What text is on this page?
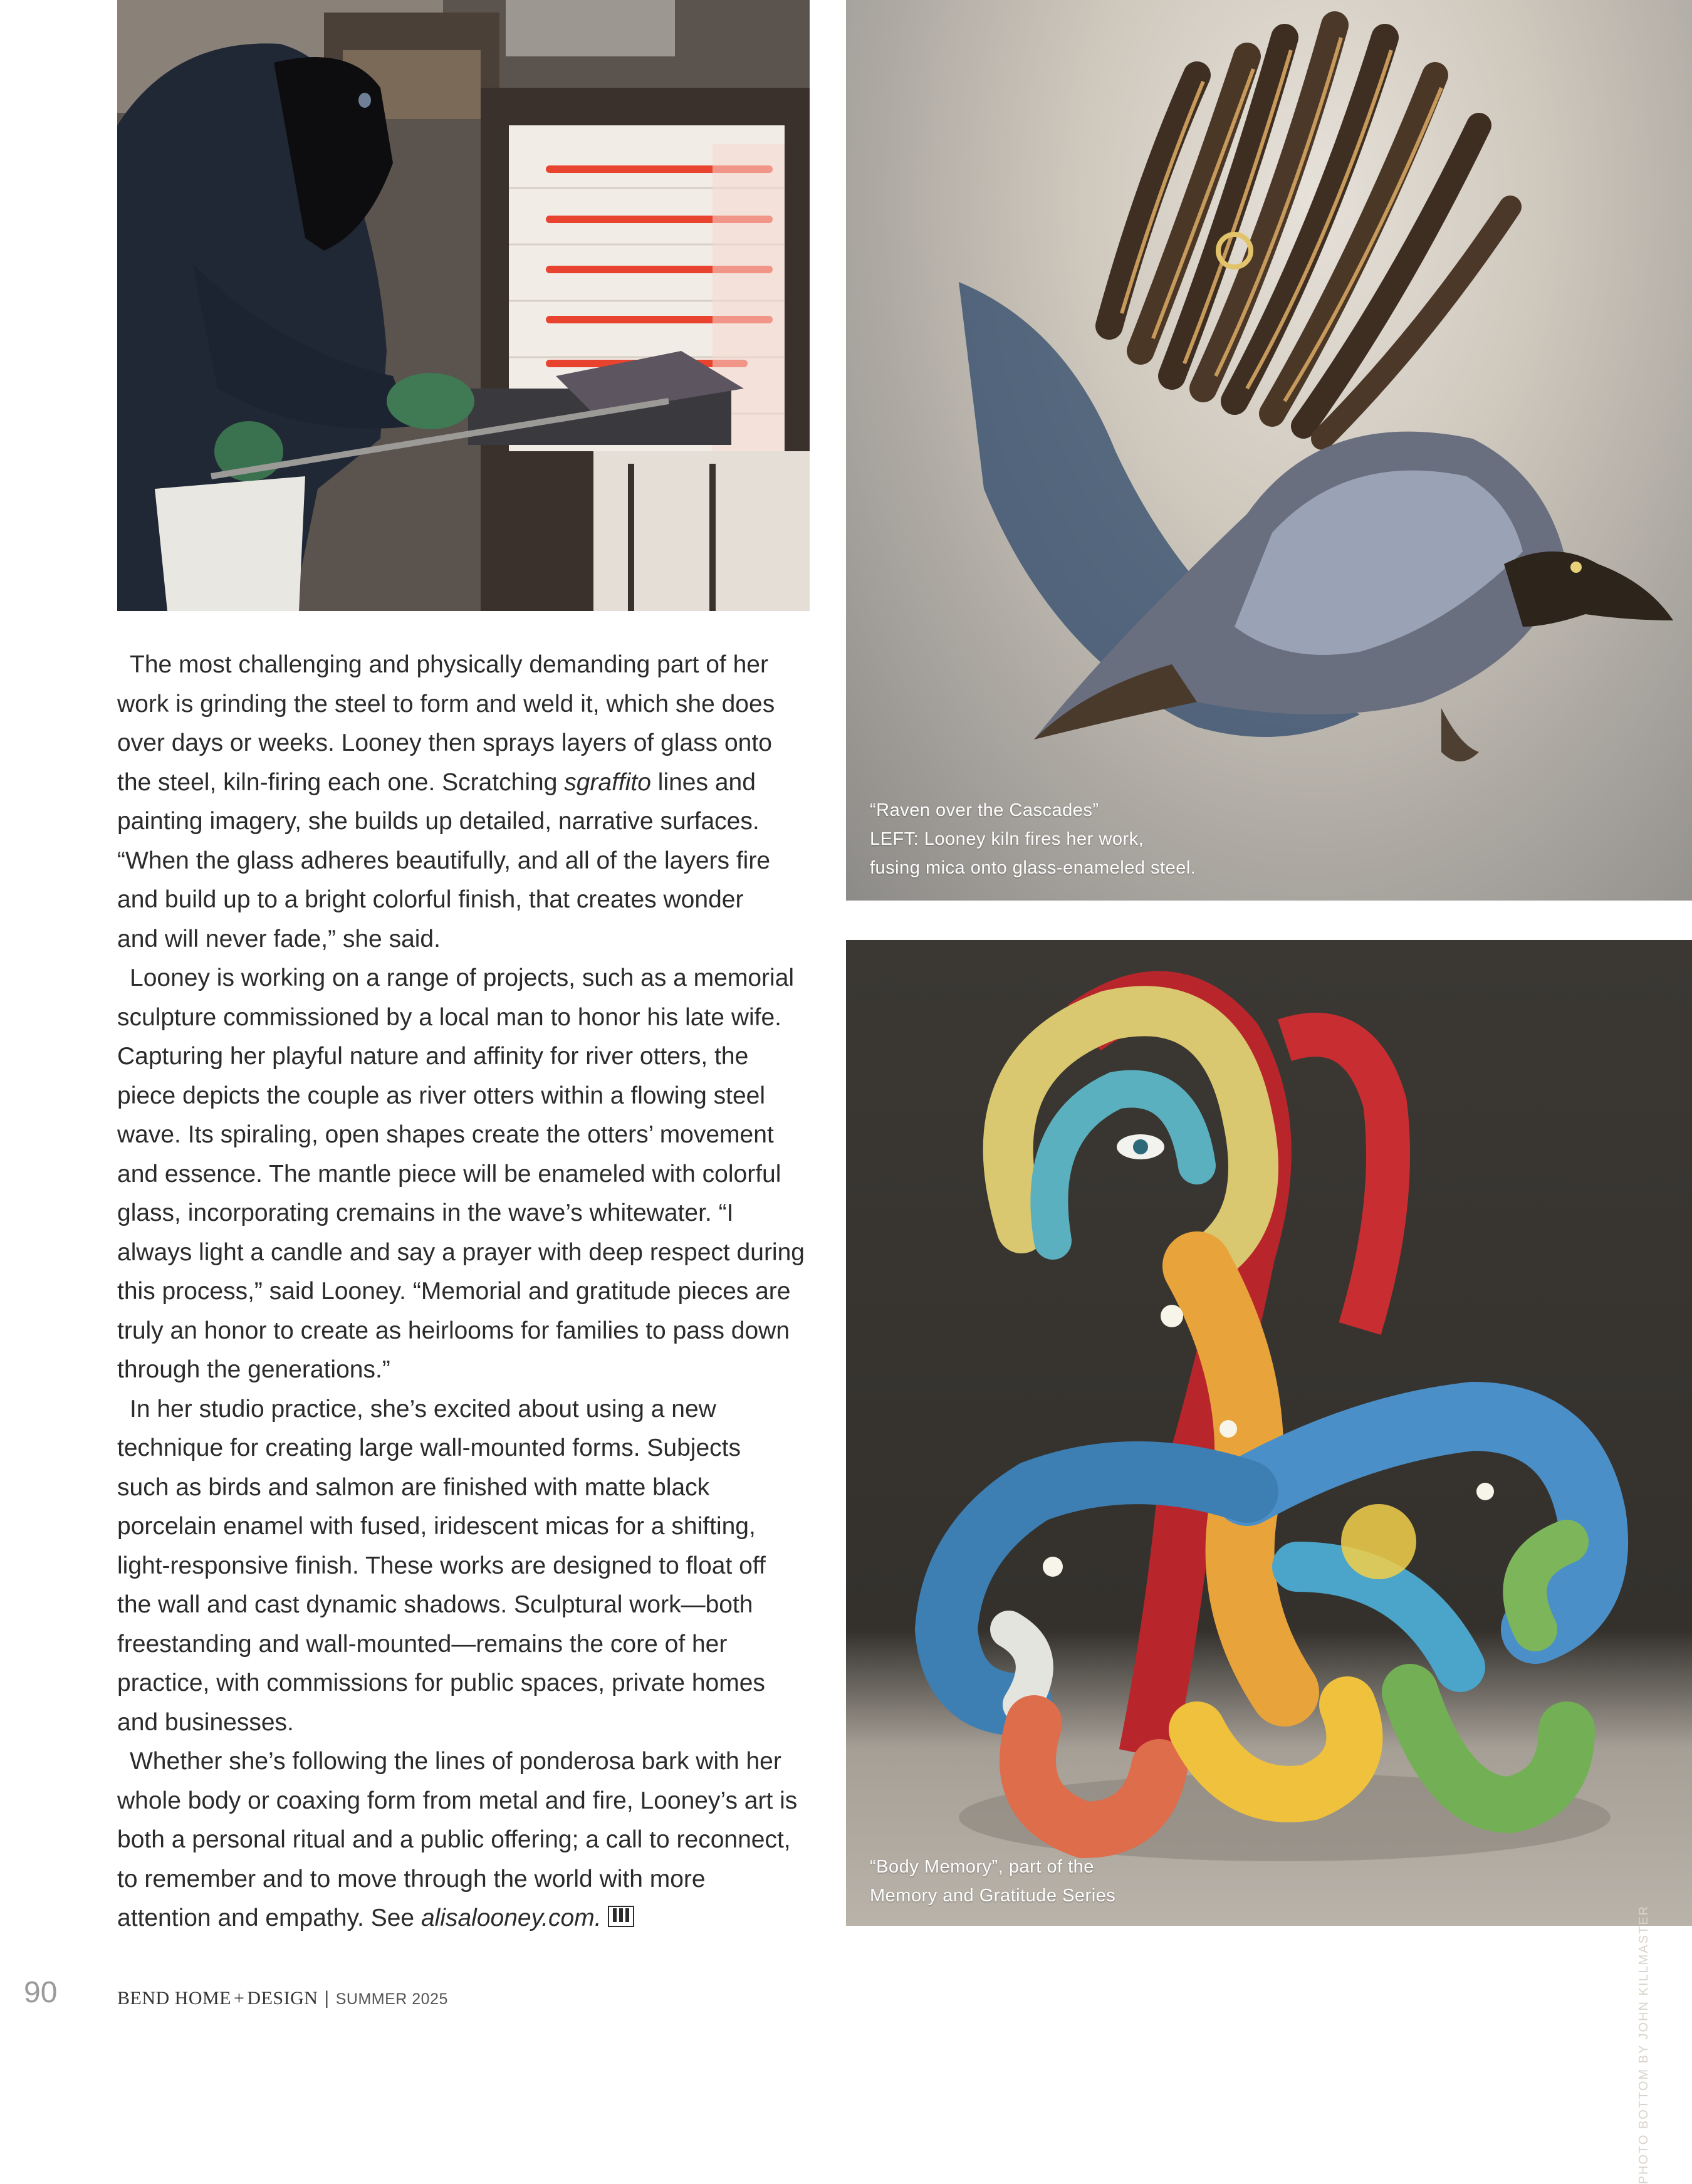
“Raven over the Cascades”
LEFT: Looney kiln fires her work,
fusing mica onto glass-enameled steel.
PHOTO BOTTOM BY JOHN KILLMASTER
“Body Memory”, part of the
Memory and Gratitude Series
The most challenging and physically demanding part of her
work is grinding the steel to form and weld it, which she does
over days or weeks. Looney then sprays layers of glass onto
the steel, kiln-firing each one. Scratching sgraffito lines and
painting imagery, she builds up detailed, narrative surfaces.
“When the glass adheres beautifully, and all of the layers fire
and build up to a bright colorful finish, that creates wonder
and will never fade,” she said.
Looney is working on a range of projects, such as a memorial
sculpture commissioned by a local man to honor his late wife.
Capturing her playful nature and affinity for river otters, the
piece depicts the couple as river otters within a flowing steel
wave. Its spiraling, open shapes create the otters’ movement
and essence. The mantle piece will be enameled with colorful
glass, incorporating cremains in the wave’s whitewater. “I
always light a candle and say a prayer with deep respect during
this process,” said Looney. “Memorial and gratitude pieces are
truly an honor to create as heirlooms for families to pass down
through the generations.”
In her studio practice, she’s excited about using a new
technique for creating large wall-mounted forms. Subjects
such as birds and salmon are finished with matte black
porcelain enamel with fused, iridescent micas for a shifting,
light-responsive finish. These works are designed to float off
the wall and cast dynamic shadows. Sculptural work—both
freestanding and wall-mounted—remains the core of her
practice, with commissions for public spaces, private homes
and businesses.
Whether she’s following the lines of ponderosa bark with her
whole body or coaxing form from metal and fire, Looney’s art is
both a personal ritual and a public offering; a call to reconnect,
to remember and to move through the world with more
attention and empathy. See alisalooney.com.
90	BEND HOME + DESIGN | SUMMER 2025
